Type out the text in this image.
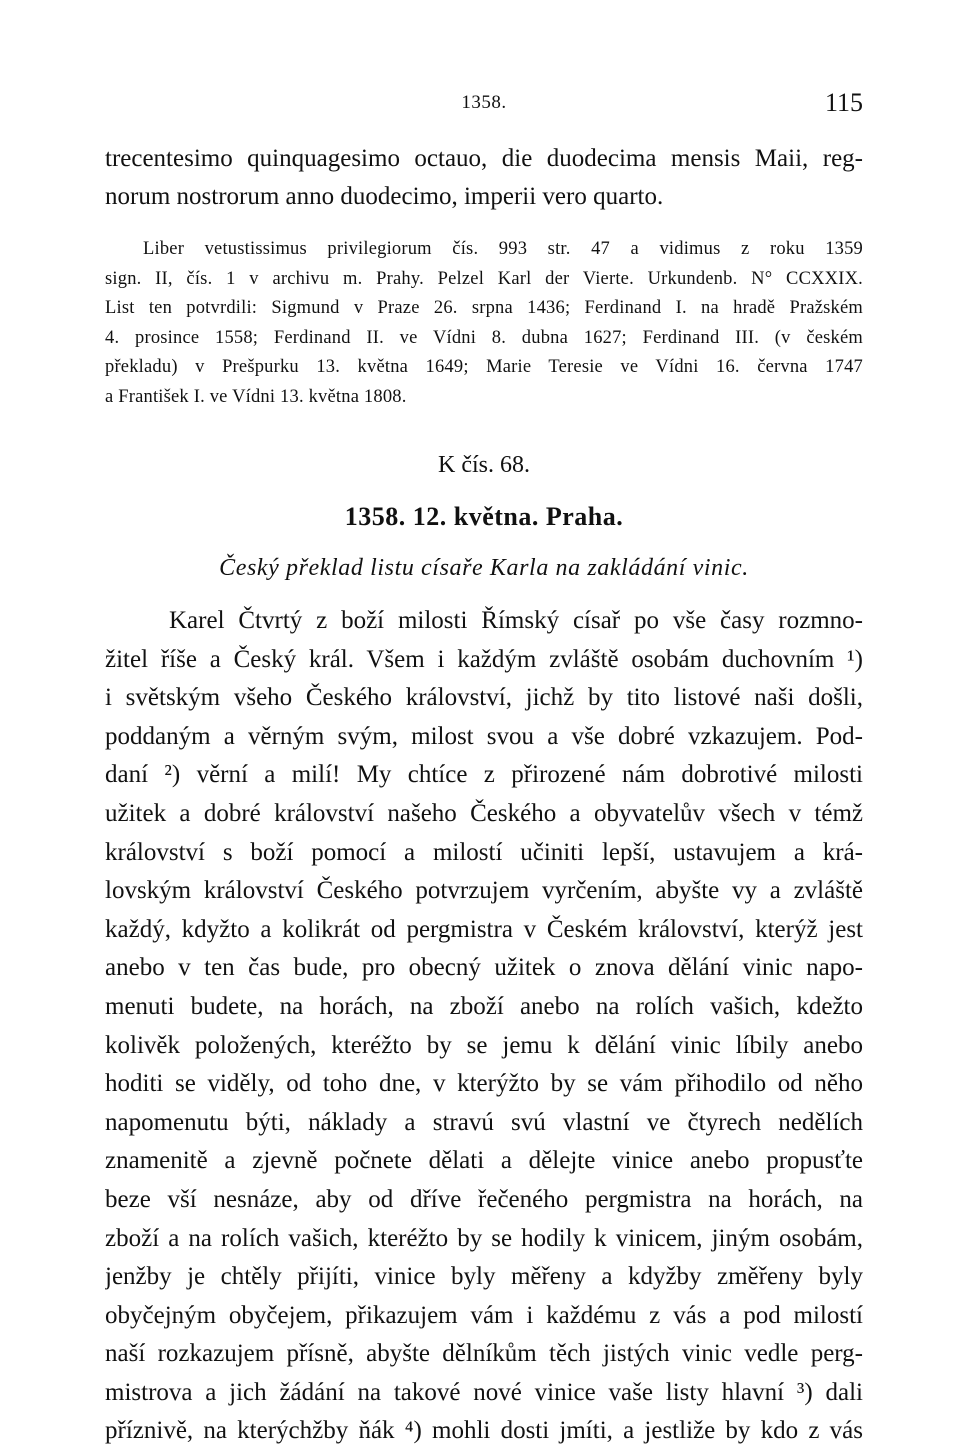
1358.	115
trecentesimo quinquagesimo octauo, die duodecima mensis Maii, reg-
norum nostrorum anno duodecimo, imperii vero quarto.
Liber vetustissimus privilegiorum čís. 993 str. 47 a vidimus z roku 1359
sign. II, čís. 1 v archivu m. Prahy. Pelzel Karl der Vierte. Urkundenb. N° CCXXIX.
List ten potvrdili: Sigmund v Praze 26. srpna 1436; Ferdinand I. na hradě Pražském
4. prosince 1558; Ferdinand II. ve Vídni 8. dubna 1627; Ferdinand III. (v českém
překladu) v Prešpurku 13. května 1649; Marie Teresie ve Vídni 16. června 1747
a František I. ve Vídni 13. května 1808.
K čís. 68.
1358. 12. května. Praha.
Český překlad listu císaře Karla na zakládání vinic.
Karel Čtvrtý z boží milosti Římský císař po vše časy rozmno-
žitel říše a Český král. Všem i každým zvláště osobám duchovním ¹)
i světským všeho Českého království, jichž by tito listové naši došli,
poddaným a věrným svým, milost svou a vše dobré vzkazujem. Pod-
daní ²) věrní a milí! My chtíce z přirozené nám dobrotivé milosti
užitek a dobré království našeho Českého a obyvatelův všech v témž
království s boží pomocí a milostí učiniti lepší, ustavujem a krá-
lovským království Českého potvrzujem vyrčením, abyšte vy a zvláště
každý, kdyžto a kolikrát od pergmistra v Českém království, kterýž jest
anebo v ten čas bude, pro obecný užitek o znova dělání vinic napo-
menuti budete, na horách, na zboží anebo na rolích vašich, kdežto
kolivěk položených, kteréžto by se jemu k dělání vinic líbily anebo
hoditi se viděly, od toho dne, v kterýžto by se vám přihodilo od něho
napomenutu býti, náklady a stravú svú vlastní ve čtyrech nedělích
znamenitě a zjevně počnete dělati a dělejte vinice anebo propusťte
beze vší nesnáze, aby od dříve řečeného pergmistra na horách, na
zboží a na rolích vašich, kteréžto by se hodily k vinicem, jiným osobám,
jenžby je chtěly přijíti, vinice byly měřeny a kdyžby změřeny byly
obyčejným obyčejem, přikazujem vám i každému z vás a pod milostí
naší rozkazujem přísně, abyšte dělníkům těch jistých vinic vedle perg-
mistrova a jich žádání na takové nové vinice vaše listy hlavní ³) dali
příznivě, na kterýchžby ňák ⁴) mohli dosti jmíti, a jestliže by kdo z vás
